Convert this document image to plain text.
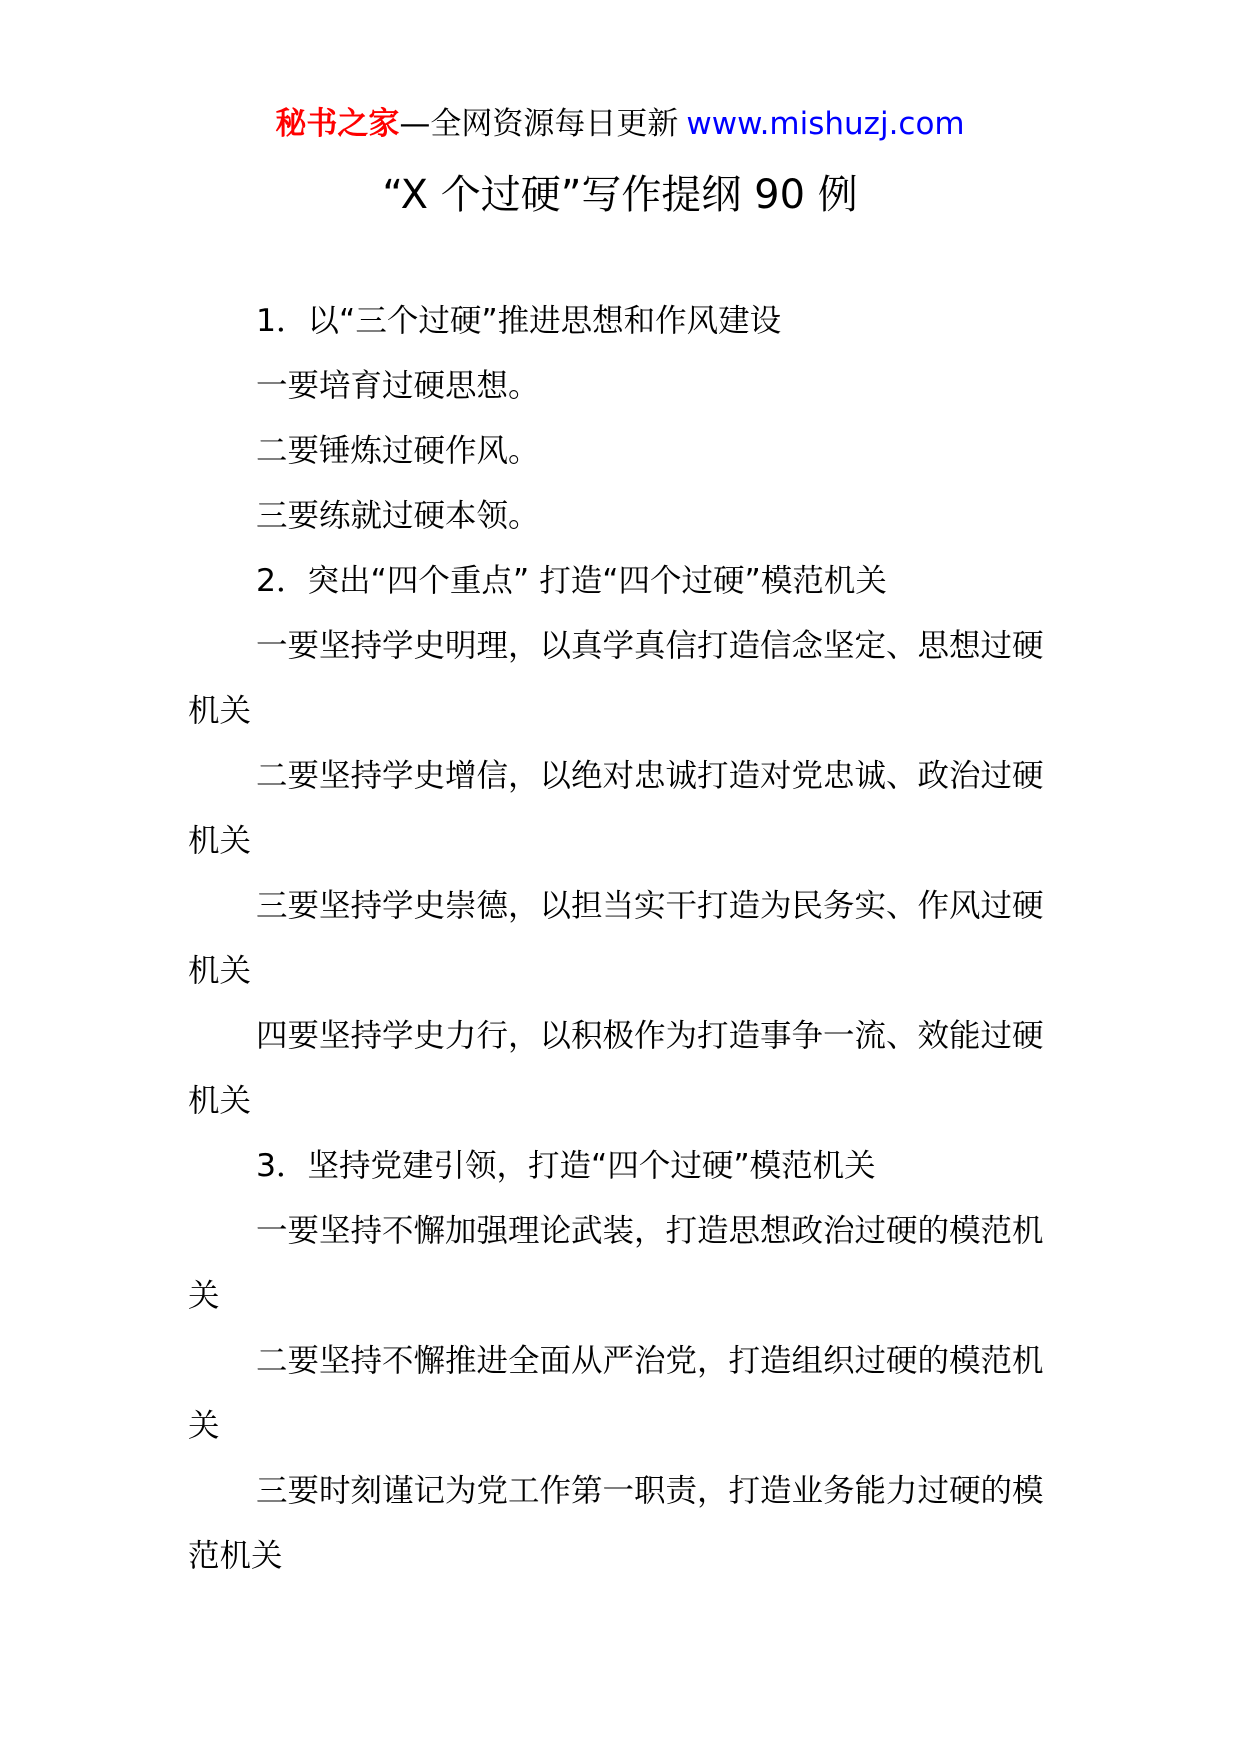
秘书之家—全网资源每日更新 www.mishuzj.com
“X 个过硬”写作提纲 90 例

1．以“三个过硬”推进思想和作风建设

一要培育过硬思想。

二要锤炼过硬作风。

三要练就过硬本领。

2．突出“四个重点” 打造“四个过硬”模范机关

一要坚持学史明理，以真学真信打造信念坚定、思想过硬机关

二要坚持学史增信，以绝对忠诚打造对党忠诚、政治过硬机关

三要坚持学史崇德，以担当实干打造为民务实、作风过硬机关

四要坚持学史力行，以积极作为打造事争一流、效能过硬机关

3．坚持党建引领，打造“四个过硬”模范机关

一要坚持不懈加强理论武装，打造思想政治过硬的模范机关

二要坚持不懈推进全面从严治党，打造组织过硬的模范机关

三要时刻谨记为党工作第一职责，打造业务能力过硬的模范机关
